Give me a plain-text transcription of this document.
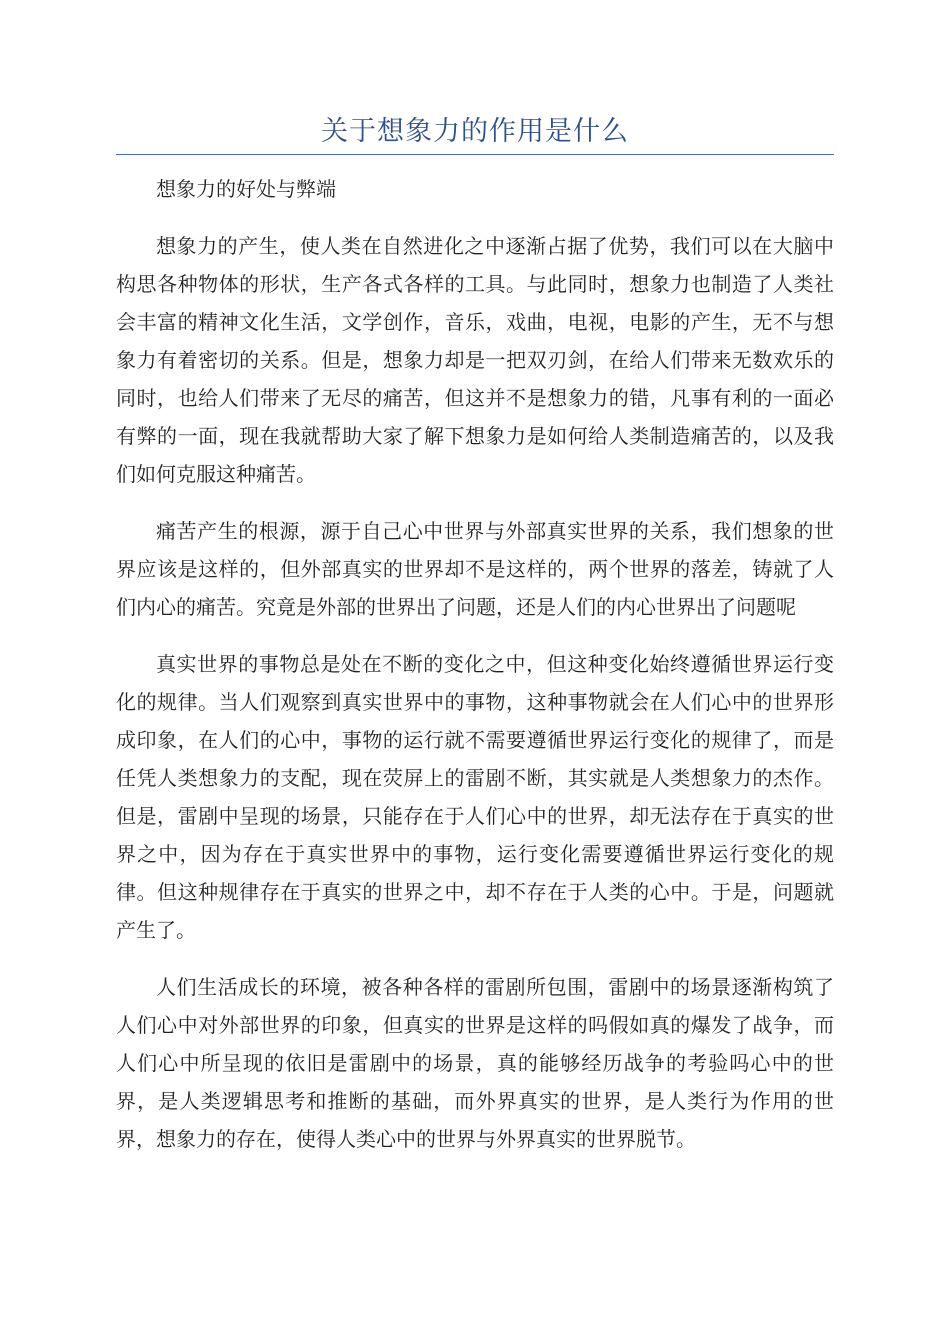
关于想象力的作用是什么

想象力的好处与弊端

想象力的产生，使人类在自然进化之中逐渐占据了优势，我们可以在大脑中构思各种物体的形状，生产各式各样的工具。与此同时，想象力也制造了人类社会丰富的精神文化生活，文学创作，音乐，戏曲，电视，电影的产生，无不与想象力有着密切的关系。但是，想象力却是一把双刃剑，在给人们带来无数欢乐的同时，也给人们带来了无尽的痛苦，但这并不是想象力的错，凡事有利的一面必有弊的一面，现在我就帮助大家了解下想象力是如何给人类制造痛苦的，以及我们如何克服这种痛苦。

痛苦产生的根源，源于自己心中世界与外部真实世界的关系，我们想象的世界应该是这样的，但外部真实的世界却不是这样的，两个世界的落差，铸就了人们内心的痛苦。究竟是外部的世界出了问题，还是人们的内心世界出了问题呢

真实世界的事物总是处在不断的变化之中，但这种变化始终遵循世界运行变化的规律。当人们观察到真实世界中的事物，这种事物就会在人们心中的世界形成印象，在人们的心中，事物的运行就不需要遵循世界运行变化的规律了，而是任凭人类想象力的支配，现在荧屏上的雷剧不断，其实就是人类想象力的杰作。但是，雷剧中呈现的场景，只能存在于人们心中的世界，却无法存在于真实的世界之中，因为存在于真实世界中的事物，运行变化需要遵循世界运行变化的规律。但这种规律存在于真实的世界之中，却不存在于人类的心中。于是，问题就产生了。

人们生活成长的环境，被各种各样的雷剧所包围，雷剧中的场景逐渐构筑了人们心中对外部世界的印象，但真实的世界是这样的吗假如真的爆发了战争，而人们心中所呈现的依旧是雷剧中的场景，真的能够经历战争的考验吗心中的世界，是人类逻辑思考和推断的基础，而外界真实的世界，是人类行为作用的世界，想象力的存在，使得人类心中的世界与外界真实的世界脱节。
